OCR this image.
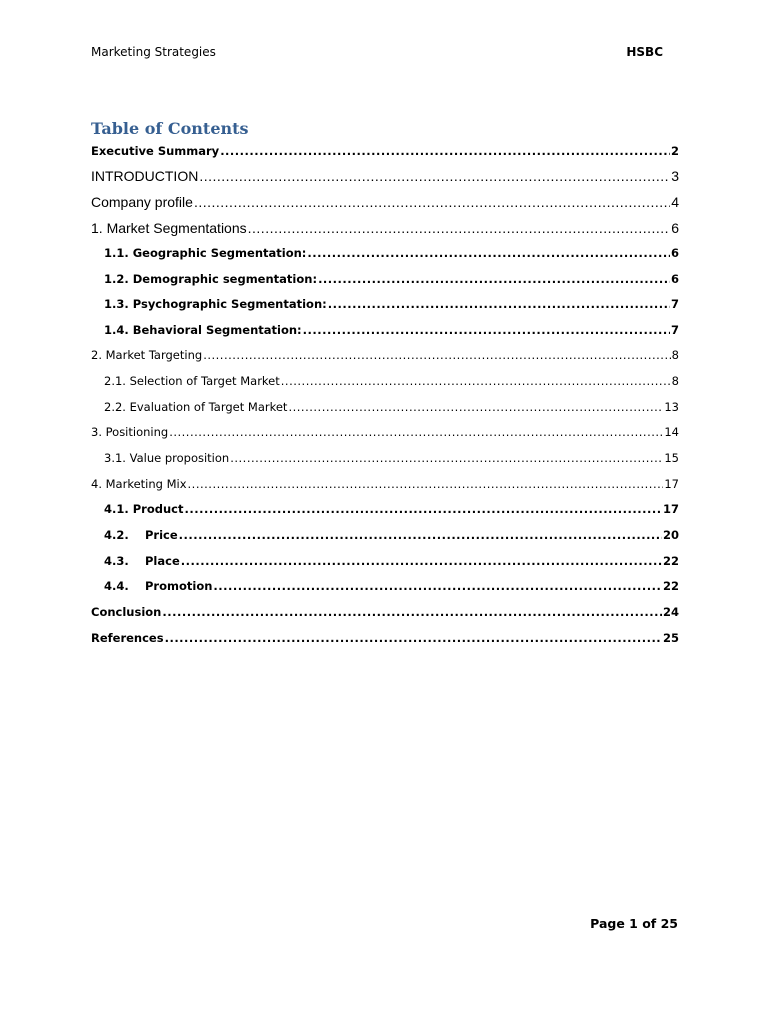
Marketing Strategies	HSBC
Table of Contents
Executive Summary .....	2
INTRODUCTION .....	3
Company profile .....	4
1. Market Segmentations .....	6
1.1. Geographic Segmentation: .....	6
1.2. Demographic segmentation: .....	6
1.3. Psychographic Segmentation: .....	7
1.4. Behavioral Segmentation: .....	7
2. Market Targeting .....	8
2.1. Selection of Target Market .....	8
2.2. Evaluation of Target Market .....	13
3. Positioning .....	14
3.1. Value proposition .....	15
4. Marketing Mix .....	17
4.1. Product .....	17
4.2.	Price .....	20
4.3.	Place .....	22
4.4.	Promotion .....	22
Conclusion .....	24
References .....	25
Page 1 of 25
